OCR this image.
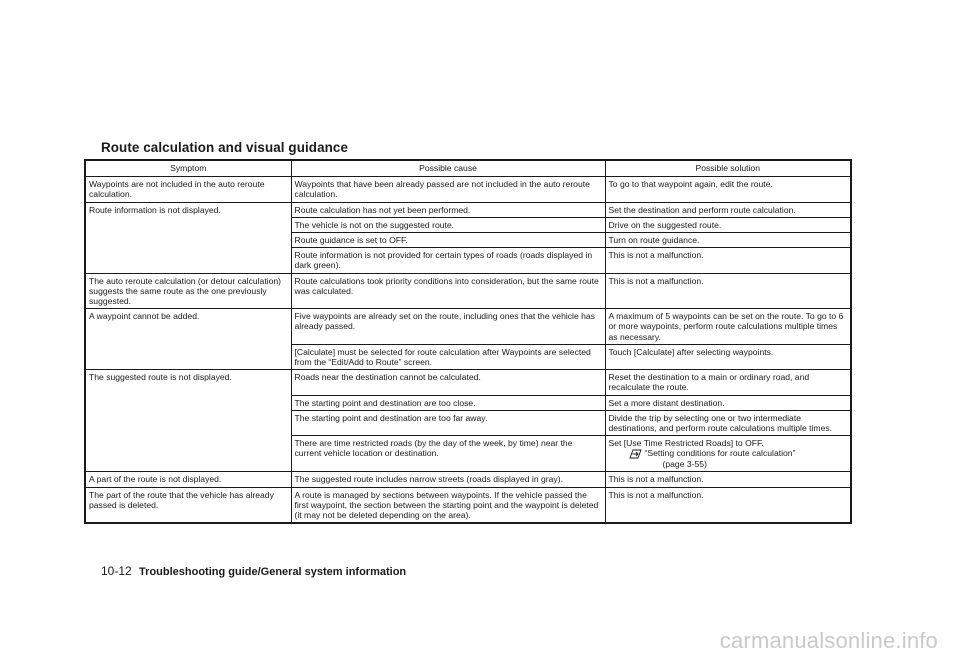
Route calculation and visual guidance
Symptom	Possible cause	Possible solution
Waypoints are not included in the auto reroute calculation.	Waypoints that have been already passed are not included in the auto reroute calculation.	To go to that waypoint again, edit the route.
Route information is not displayed.	Route calculation has not yet been performed.	Set the destination and perform route calculation.
	The vehicle is not on the suggested route.	Drive on the suggested route.
	Route guidance is set to OFF.	Turn on route guidance.
	Route information is not provided for certain types of roads (roads displayed in dark green).	This is not a malfunction.
The auto reroute calculation (or detour calculation) suggests the same route as the one previously suggested.	Route calculations took priority conditions into consideration, but the same route was calculated.	This is not a malfunction.
A waypoint cannot be added.	Five waypoints are already set on the route, including ones that the vehicle has already passed.	A maximum of 5 waypoints can be set on the route. To go to 6 or more waypoints, perform route calculations multiple times as necessary.
	[Calculate] must be selected for route calculation after Waypoints are selected from the “Edit/Add to Route” screen.	Touch [Calculate] after selecting waypoints.
The suggested route is not displayed.	Roads near the destination cannot be calculated.	Reset the destination to a main or ordinary road, and recalculate the route.
	The starting point and destination are too close.	Set a more distant destination.
	The starting point and destination are too far away.	Divide the trip by selecting one or two intermediate destinations, and perform route calculations multiple times.
	There are time restricted roads (by the day of the week, by time) near the current vehicle location or destination.	Set [Use Time Restricted Roads] to OFF.
“Setting conditions for route calculation”
(page 3-55)

A part of the route is not displayed.	The suggested route includes narrow streets (roads displayed in gray).	This is not a malfunction.
The part of the route that the vehicle has already passed is deleted.	A route is managed by sections between waypoints. If the vehicle passed the first waypoint, the section between the starting point and the waypoint is deleted (it may not be deleted depending on the area).	This is not a malfunction.
10-12 Troubleshooting guide/General system information
carmanualsonline.info
